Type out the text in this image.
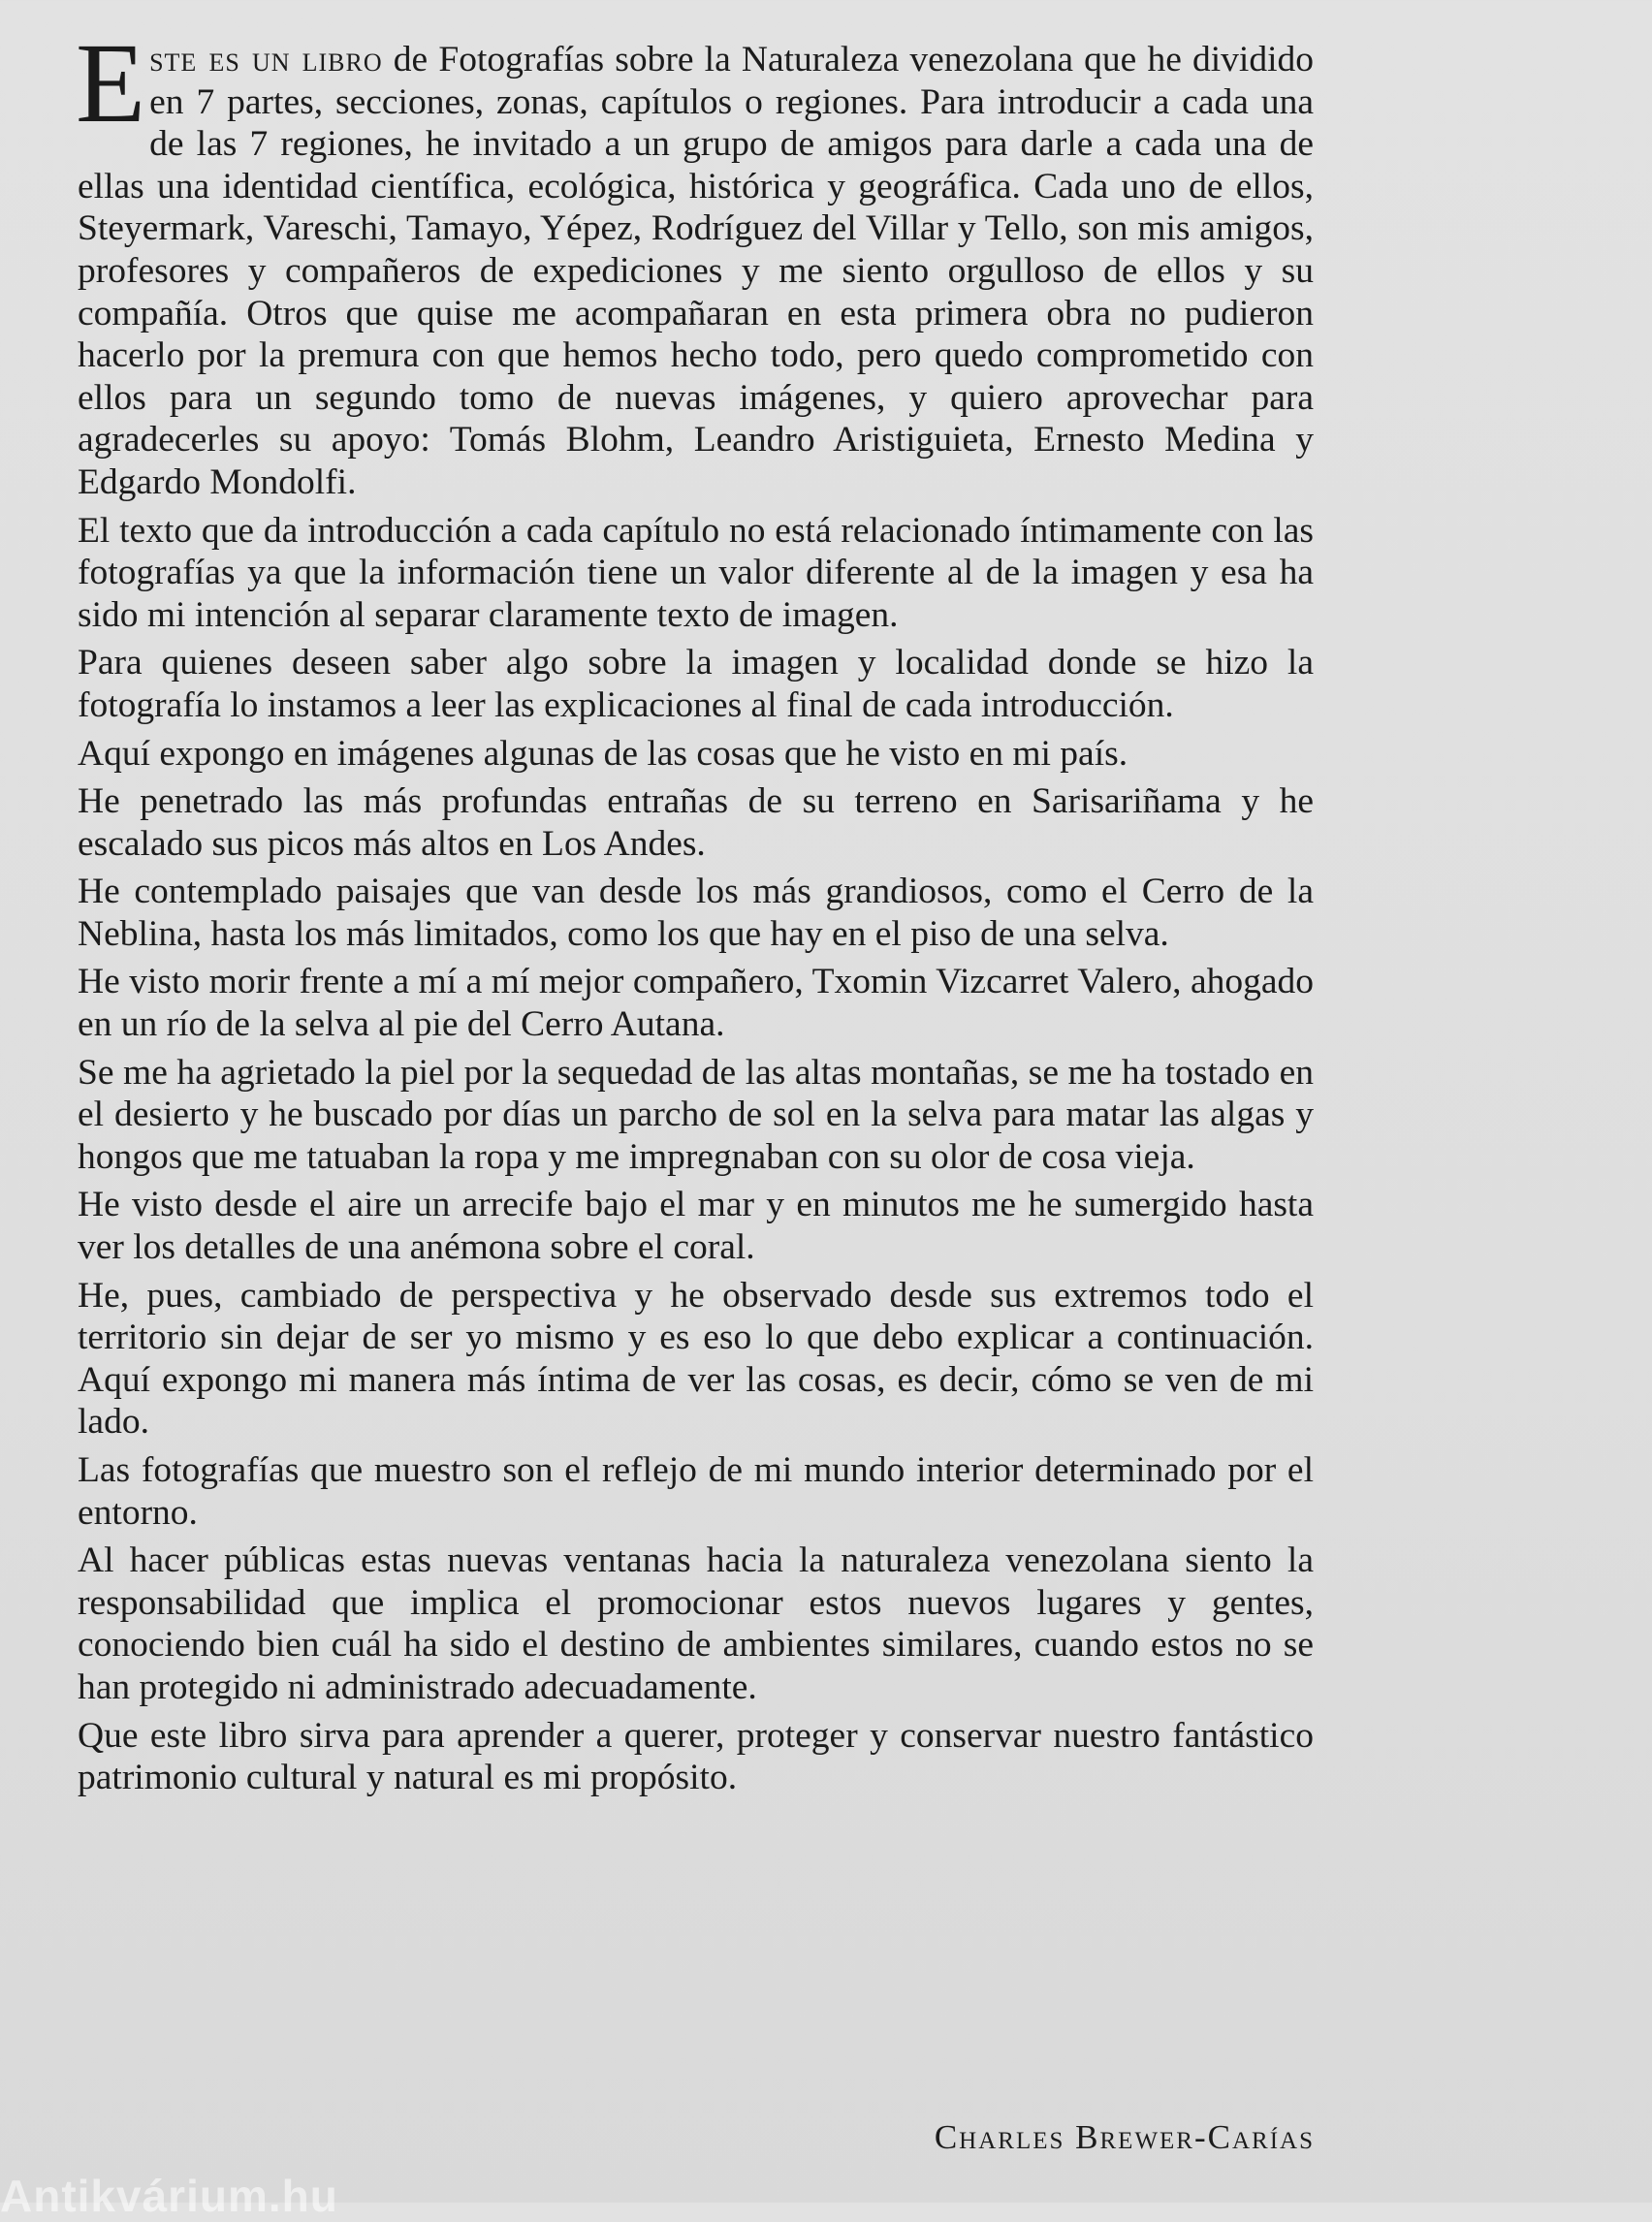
Este es un libro de Fotografías sobre la Naturaleza venezolana que he dividido en 7 partes, secciones, zonas, capítulos o regiones. Para introducir a cada una de las 7 regiones, he invitado a un grupo de amigos para darle a cada una de ellas una identidad científica, ecológica, histórica y geográfica. Cada uno de ellos, Steyermark, Vareschi, Tamayo, Yépez, Rodríguez del Villar y Tello, son mis amigos, profesores y compañeros de expediciones y me siento orgulloso de ellos y su compañía. Otros que quise me acompañaran en esta primera obra no pudieron hacerlo por la premura con que hemos hecho todo, pero quedo comprometido con ellos para un segundo tomo de nuevas imágenes, y quiero aprovechar para agradecerles su apoyo: Tomás Blohm, Leandro Aristiguieta, Ernesto Medina y Edgardo Mondolfi.

El texto que da introducción a cada capítulo no está relacionado íntimamente con las fotografías ya que la información tiene un valor diferente al de la imagen y esa ha sido mi intención al separar claramente texto de imagen.

Para quienes deseen saber algo sobre la imagen y localidad donde se hizo la fotografía lo instamos a leer las explicaciones al final de cada introducción.

Aquí expongo en imágenes algunas de las cosas que he visto en mi país.

He penetrado las más profundas entrañas de su terreno en Sarisariñama y he escalado sus picos más altos en Los Andes.

He contemplado paisajes que van desde los más grandiosos, como el Cerro de la Neblina, hasta los más limitados, como los que hay en el piso de una selva.

He visto morir frente a mí a mí mejor compañero, Txomin Vizcarret Valero, ahogado en un río de la selva al pie del Cerro Autana.

Se me ha agrietado la piel por la sequedad de las altas montañas, se me ha tostado en el desierto y he buscado por días un parcho de sol en la selva para matar las algas y hongos que me tatuaban la ropa y me impregnaban con su olor de cosa vieja.

He visto desde el aire un arrecife bajo el mar y en minutos me he sumergido hasta ver los detalles de una anémona sobre el coral.

He, pues, cambiado de perspectiva y he observado desde sus extremos todo el territorio sin dejar de ser yo mismo y es eso lo que debo explicar a continuación. Aquí expongo mi manera más íntima de ver las cosas, es decir, cómo se ven de mi lado.

Las fotografías que muestro son el reflejo de mi mundo interior determinado por el entorno.

Al hacer públicas estas nuevas ventanas hacia la naturaleza venezolana siento la responsabilidad que implica el promocionar estos nuevos lugares y gentes, conociendo bien cuál ha sido el destino de ambientes similares, cuando estos no se han protegido ni administrado adecuadamente.

Que este libro sirva para aprender a querer, proteger y conservar nuestro fantástico patrimonio cultural y natural es mi propósito.

Charles Brewer-Carías

Antikvárium.hu
